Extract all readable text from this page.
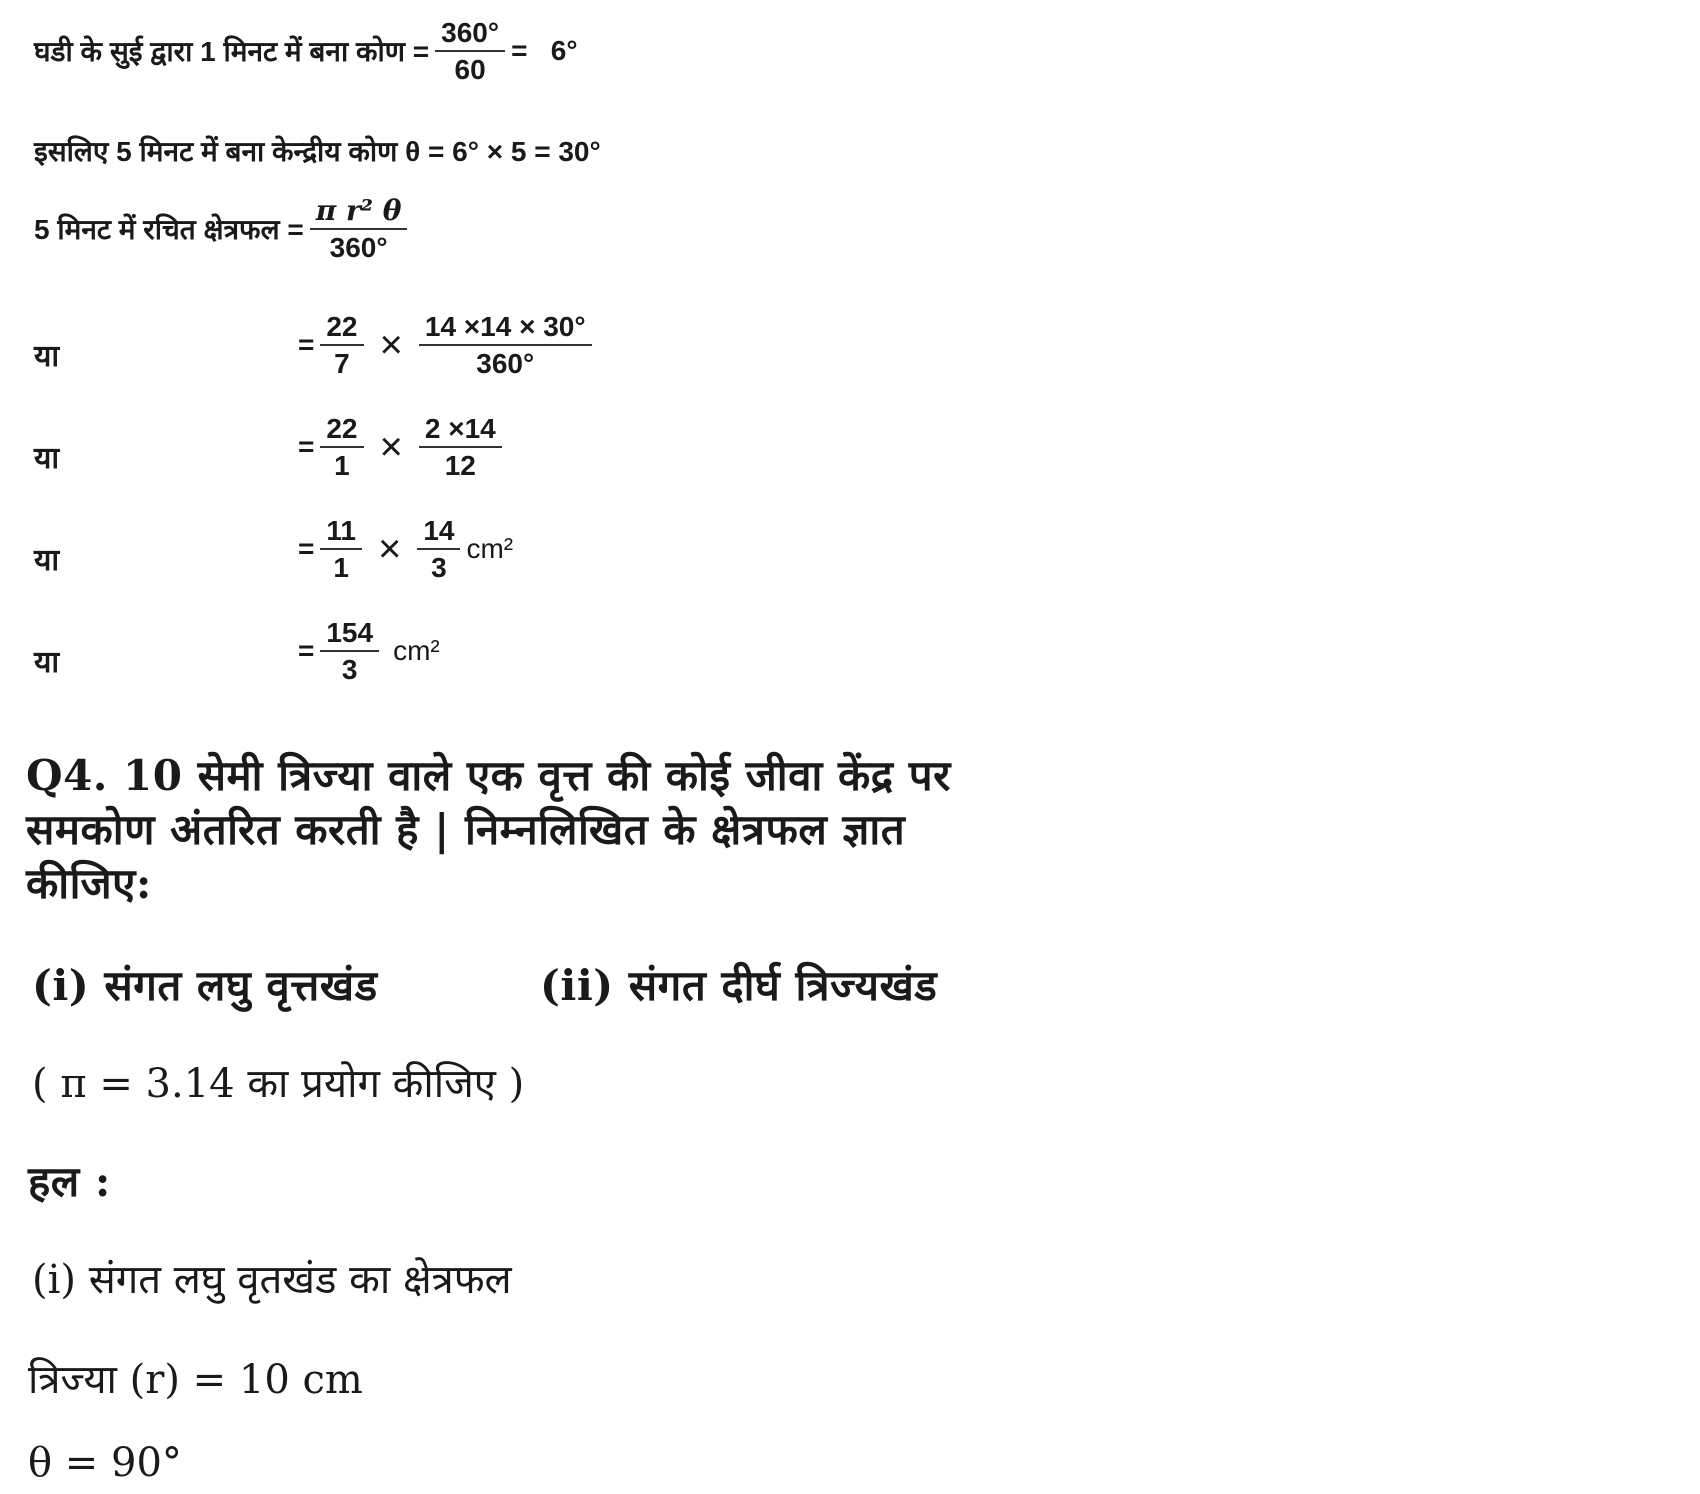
घडी के सुई द्वारा 1 मिनट में बना कोण = $\frac{360^\circ}{60} = 6^\circ$
इसलिए 5 मिनट में बना केन्द्रीय कोण θ = 6° × 5 = 30°
5 मिनट में रचित क्षेत्रफल = $\frac{\text{π r² θ}}{360^\circ}$
या	= $\frac{22}{7} \times \frac{14 \times 14 \times 30^\circ}{360^\circ}$
या	= $\frac{22}{1} \times \frac{2 \times 14}{12}$
या	= $\frac{11}{1} \times \frac{14}{3} cm^2$
या	= $\frac{154}{3} cm^2$
Q4. 10 सेमी त्रिज्या वाले एक वृत्त की कोई जीवा केंद्र पर
समकोण अंतरित करती है | निम्नलिखित के क्षेत्रफल ज्ञात
कीजिए:
(i) संगत लघु वृत्तखंड	(ii) संगत दीर्घ त्रिज्यखंड
( π = 3.14 का प्रयोग कीजिए )
हल :
(i) संगत लघु वृतखंड का क्षेत्रफल
त्रिज्या (r) = 10 cm
θ = 90°
